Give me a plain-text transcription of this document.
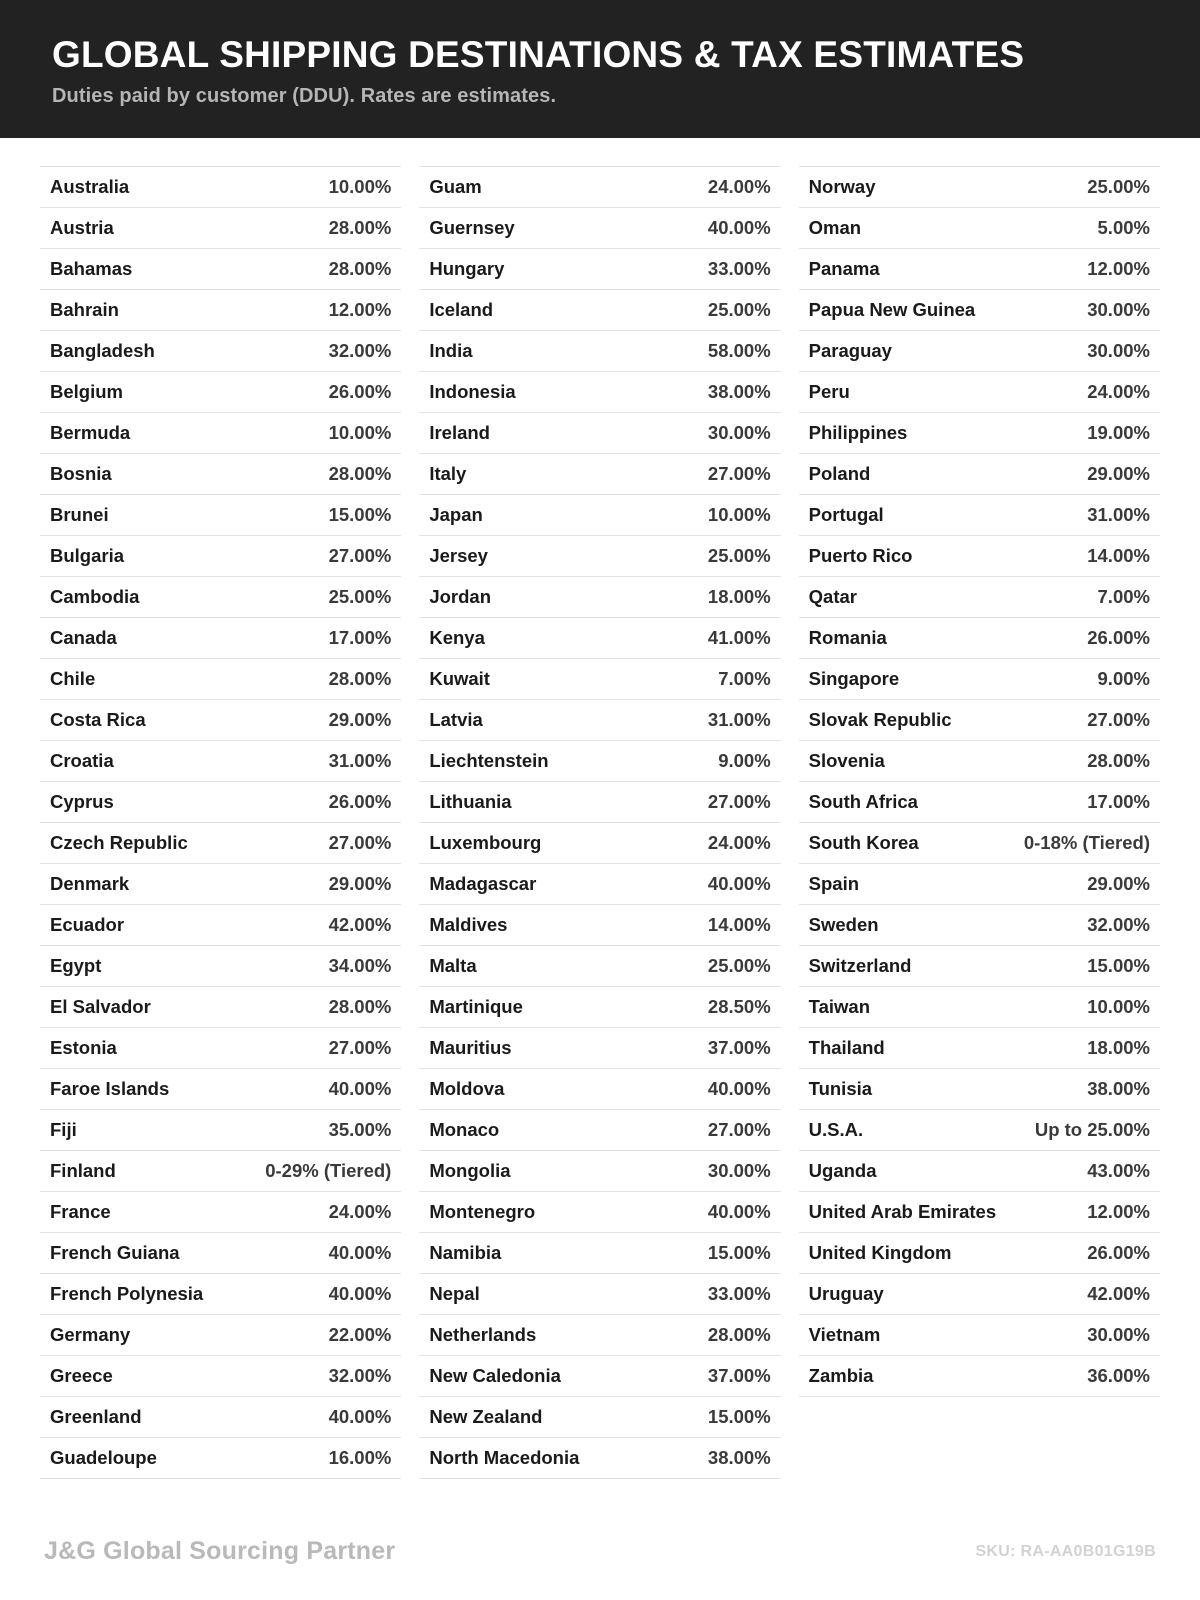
GLOBAL SHIPPING DESTINATIONS & TAX ESTIMATES

Duties paid by customer (DDU). Rates are estimates.

Australia	10.00%
Austria	28.00%
Bahamas	28.00%
Bahrain	12.00%
Bangladesh	32.00%
Belgium	26.00%
Bermuda	10.00%
Bosnia	28.00%
Brunei	15.00%
Bulgaria	27.00%
Cambodia	25.00%
Canada	17.00%
Chile	28.00%
Costa Rica	29.00%
Croatia	31.00%
Cyprus	26.00%
Czech Republic	27.00%
Denmark	29.00%
Ecuador	42.00%
Egypt	34.00%
El Salvador	28.00%
Estonia	27.00%
Faroe Islands	40.00%
Fiji	35.00%
Finland	0-29% (Tiered)
France	24.00%
French Guiana	40.00%
French Polynesia	40.00%
Germany	22.00%
Greece	32.00%
Greenland	40.00%
Guadeloupe	16.00%
Guam	24.00%
Guernsey	40.00%
Hungary	33.00%
Iceland	25.00%
India	58.00%
Indonesia	38.00%
Ireland	30.00%
Italy	27.00%
Japan	10.00%
Jersey	25.00%
Jordan	18.00%
Kenya	41.00%
Kuwait	7.00%
Latvia	31.00%
Liechtenstein	9.00%
Lithuania	27.00%
Luxembourg	24.00%
Madagascar	40.00%
Maldives	14.00%
Malta	25.00%
Martinique	28.50%
Mauritius	37.00%
Moldova	40.00%
Monaco	27.00%
Mongolia	30.00%
Montenegro	40.00%
Namibia	15.00%
Nepal	33.00%
Netherlands	28.00%
New Caledonia	37.00%
New Zealand	15.00%
North Macedonia	38.00%
Norway	25.00%
Oman	5.00%
Panama	12.00%
Papua New Guinea	30.00%
Paraguay	30.00%
Peru	24.00%
Philippines	19.00%
Poland	29.00%
Portugal	31.00%
Puerto Rico	14.00%
Qatar	7.00%
Romania	26.00%
Singapore	9.00%
Slovak Republic	27.00%
Slovenia	28.00%
South Africa	17.00%
South Korea	0-18% (Tiered)
Spain	29.00%
Sweden	32.00%
Switzerland	15.00%
Taiwan	10.00%
Thailand	18.00%
Tunisia	38.00%
U.S.A.	Up to 25.00%
Uganda	43.00%
United Arab Emirates	12.00%
United Kingdom	26.00%
Uruguay	42.00%
Vietnam	30.00%
Zambia	36.00%
J&G Global Sourcing Partner	SKU: RA-AA0B01G19B
